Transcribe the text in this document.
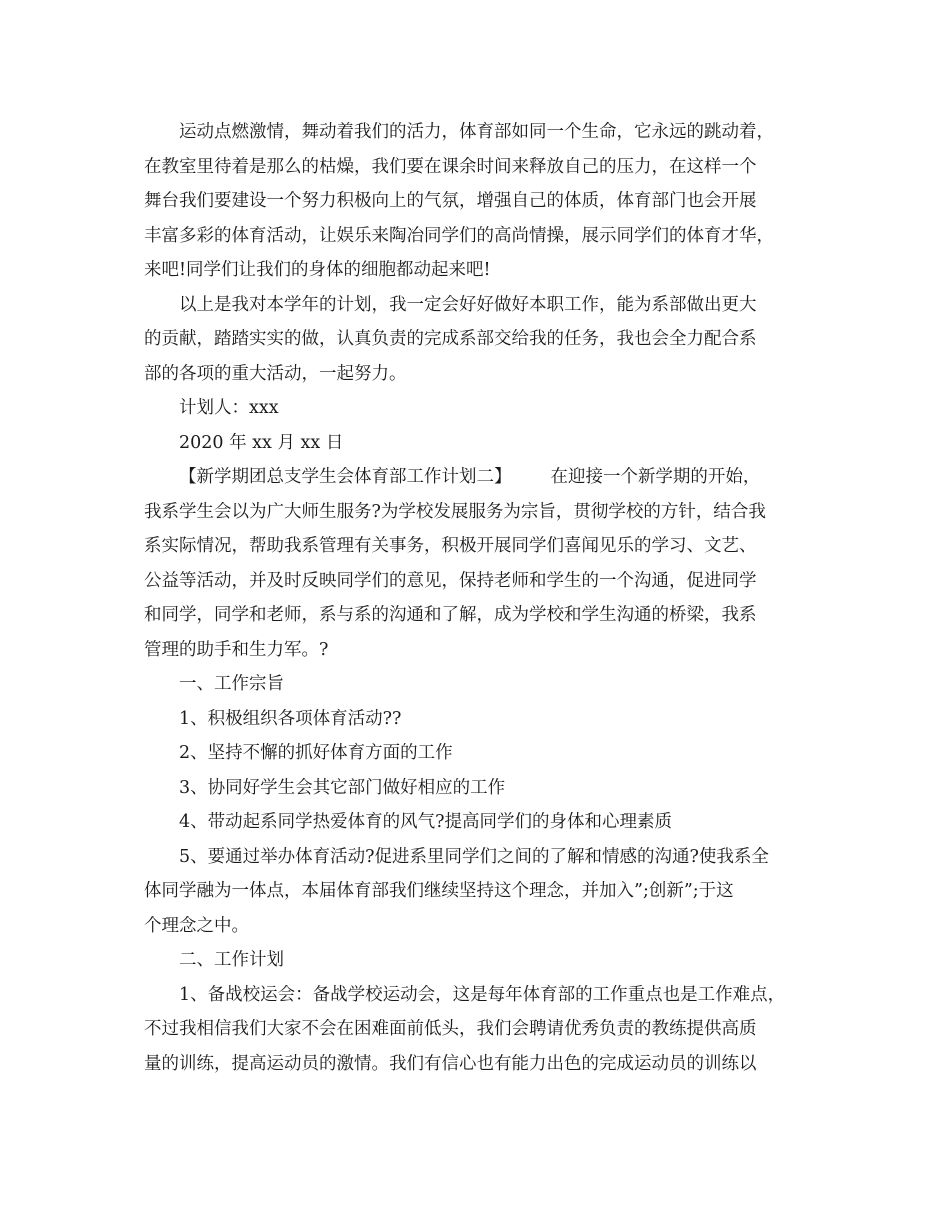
运动点燃激情，舞动着我们的活力，体育部如同一个生命，它永远的跳动着，
在教室里待着是那么的枯燥，我们要在课余时间来释放自己的压力，在这样一个
舞台我们要建设一个努力积极向上的气氛，增强自己的体质，体育部门也会开展
丰富多彩的体育活动，让娱乐来陶冶同学们的高尚情操，展示同学们的体育才华，
来吧!同学们让我们的身体的细胞都动起来吧!
以上是我对本学年的计划，我一定会好好做好本职工作，能为系部做出更大
的贡献，踏踏实实的做，认真负责的完成系部交给我的任务，我也会全力配合系
部的各项的重大活动，一起努力。
计划人：xxx
2020 年 xx 月 xx 日
【新学期团总支学生会体育部工作计划二】       在迎接一个新学期的开始，
我系学生会以为广大师生服务?为学校发展服务为宗旨，贯彻学校的方针，结合我
系实际情况，帮助我系管理有关事务，积极开展同学们喜闻见乐的学习、文艺、
公益等活动，并及时反映同学们的意见，保持老师和学生的一个沟通，促进同学
和同学，同学和老师，系与系的沟通和了解，成为学校和学生沟通的桥梁，我系
管理的助手和生力军。?
一、工作宗旨
1、积极组织各项体育活动??
2、坚持不懈的抓好体育方面的工作
3、协同好学生会其它部门做好相应的工作
4、带动起系同学热爱体育的风气?提高同学们的身体和心理素质
5、要通过举办体育活动?促进系里同学们之间的了解和情感的沟通?使我系全
体同学融为一体点，本届体育部我们继续坚持这个理念，并加入”;创新”;于这
个理念之中。
二、工作计划
1、备战校运会：备战学校运动会，这是每年体育部的工作重点也是工作难点，
不过我相信我们大家不会在困难面前低头，我们会聘请优秀负责的教练提供高质
量的训练，提高运动员的激情。我们有信心也有能力出色的完成运动员的训练以
